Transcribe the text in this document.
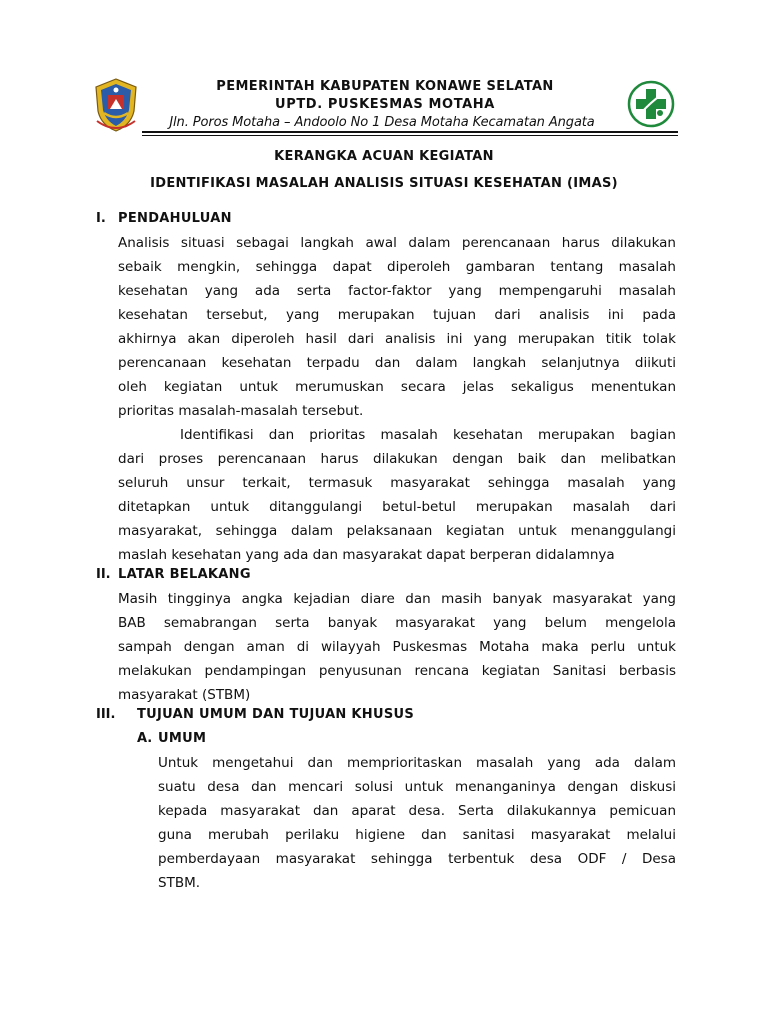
PEMERINTAH KABUPATEN KONAWE SELATAN
UPTD. PUSKESMAS MOTAHA
Jln. Poros Motaha – Andoolo No 1 Desa Motaha Kecamatan Angata
KERANGKA ACUAN KEGIATAN
IDENTIFIKASI MASALAH ANALISIS SITUASI KESEHATAN (IMAS)
I. PENDAHULUAN
Analisis situasi sebagai langkah awal dalam perencanaan harus dilakukan
sebaik mengkin, sehingga dapat diperoleh gambaran tentang masalah
kesehatan yang ada serta factor-faktor yang mempengaruhi masalah
kesehatan tersebut, yang merupakan tujuan dari analisis ini pada
akhirnya akan diperoleh hasil dari analisis ini yang merupakan titik tolak
perencanaan kesehatan terpadu dan dalam langkah selanjutnya diikuti
oleh kegiatan untuk merumuskan secara jelas sekaligus menentukan
prioritas masalah-masalah tersebut.
Identifikasi dan prioritas masalah kesehatan merupakan bagian
dari proses perencanaan harus dilakukan dengan baik dan melibatkan
seluruh unsur terkait, termasuk masyarakat sehingga masalah yang
ditetapkan untuk ditanggulangi betul-betul merupakan masalah dari
masyarakat, sehingga dalam pelaksanaan kegiatan untuk menanggulangi
maslah kesehatan yang ada dan masyarakat dapat berperan didalamnya
II. LATAR BELAKANG
Masih tingginya angka kejadian diare dan masih banyak masyarakat yang
BAB semabrangan serta banyak masyarakat yang belum mengelola
sampah dengan aman di wilayyah Puskesmas Motaha maka perlu untuk
melakukan pendampingan penyusunan rencana kegiatan Sanitasi berbasis
masyarakat (STBM)
III. TUJUAN UMUM DAN TUJUAN KHUSUS
A. UMUM
Untuk mengetahui dan memprioritaskan masalah yang ada dalam
suatu desa dan mencari solusi untuk menanganinya dengan diskusi
kepada masyarakat dan aparat desa. Serta dilakukannya pemicuan
guna merubah perilaku higiene dan sanitasi masyarakat melalui
pemberdayaan masyarakat sehingga terbentuk desa ODF / Desa
STBM.
